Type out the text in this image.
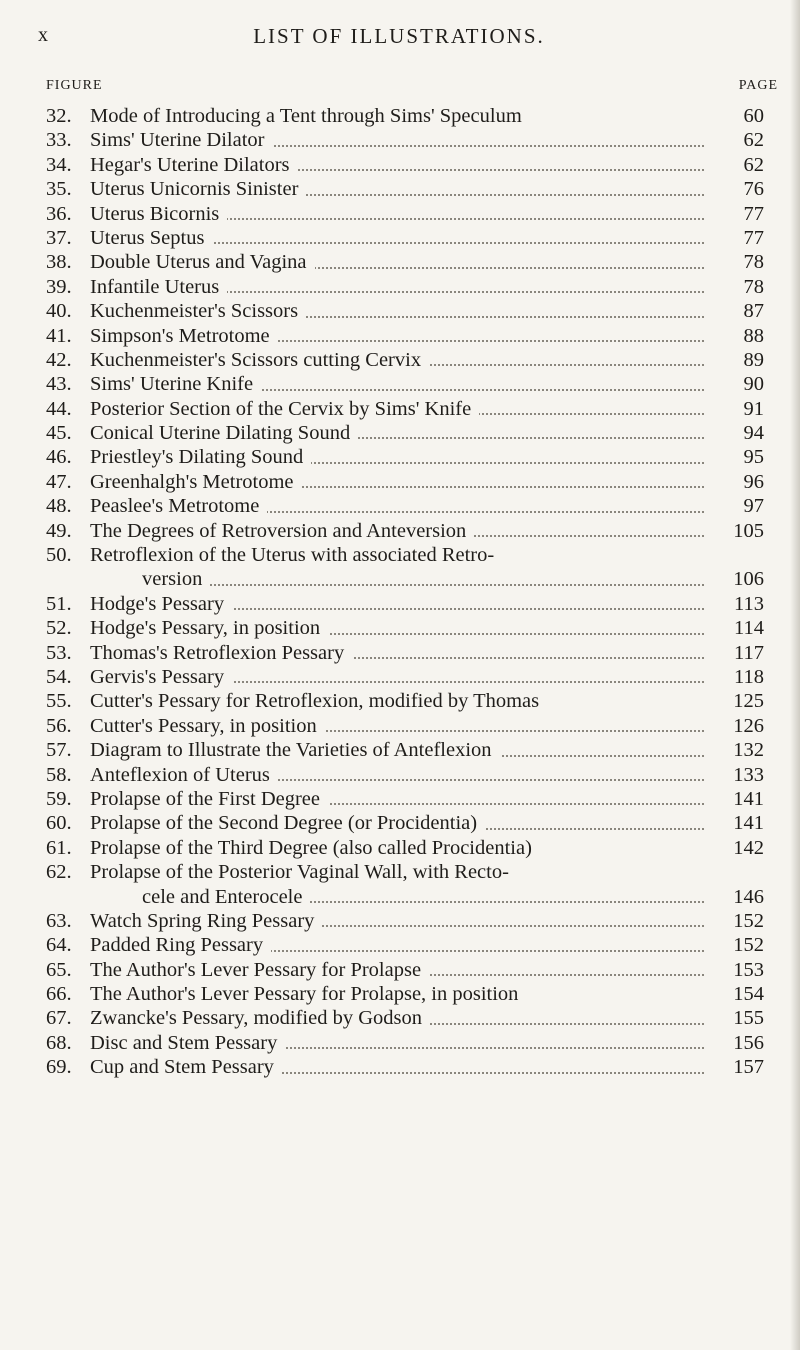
x	LIST OF ILLUSTRATIONS.
FIGURE	PAGE
32. Mode of Introducing a Tent through Sims' Speculum	60
33. Sims' Uterine Dilator	62
34. Hegar's Uterine Dilators	62
35. Uterus Unicornis Sinister	76
36. Uterus Bicornis	77
37. Uterus Septus	77
38. Double Uterus and Vagina	78
39. Infantile Uterus	78
40. Kuchenmeister's Scissors	87
41. Simpson's Metrotome	88
42. Kuchenmeister's Scissors cutting Cervix	89
43. Sims' Uterine Knife	90
44. Posterior Section of the Cervix by Sims' Knife	91
45. Conical Uterine Dilating Sound	94
46. Priestley's Dilating Sound	95
47. Greenhalgh's Metrotome	96
48. Peaslee's Metrotome	97
49. The Degrees of Retroversion and Anteversion	105
50. Retroflexion of the Uterus with associated Retro-
version	106
51. Hodge's Pessary	113
52. Hodge's Pessary, in position	114
53. Thomas's Retroflexion Pessary	117
54. Gervis's Pessary	118
55. Cutter's Pessary for Retroflexion, modified by Thomas	125
56. Cutter's Pessary, in position	126
57. Diagram to Illustrate the Varieties of Anteflexion	132
58. Anteflexion of Uterus	133
59. Prolapse of the First Degree	141
60. Prolapse of the Second Degree (or Procidentia)	141
61. Prolapse of the Third Degree (also called Procidentia)	142
62. Prolapse of the Posterior Vaginal Wall, with Recto-
cele and Enterocele	146
63. Watch Spring Ring Pessary	152
64. Padded Ring Pessary	152
65. The Author's Lever Pessary for Prolapse	153
66. The Author's Lever Pessary for Prolapse, in position	154
67. Zwancke's Pessary, modified by Godson	155
68. Disc and Stem Pessary	156
69. Cup and Stem Pessary	157
